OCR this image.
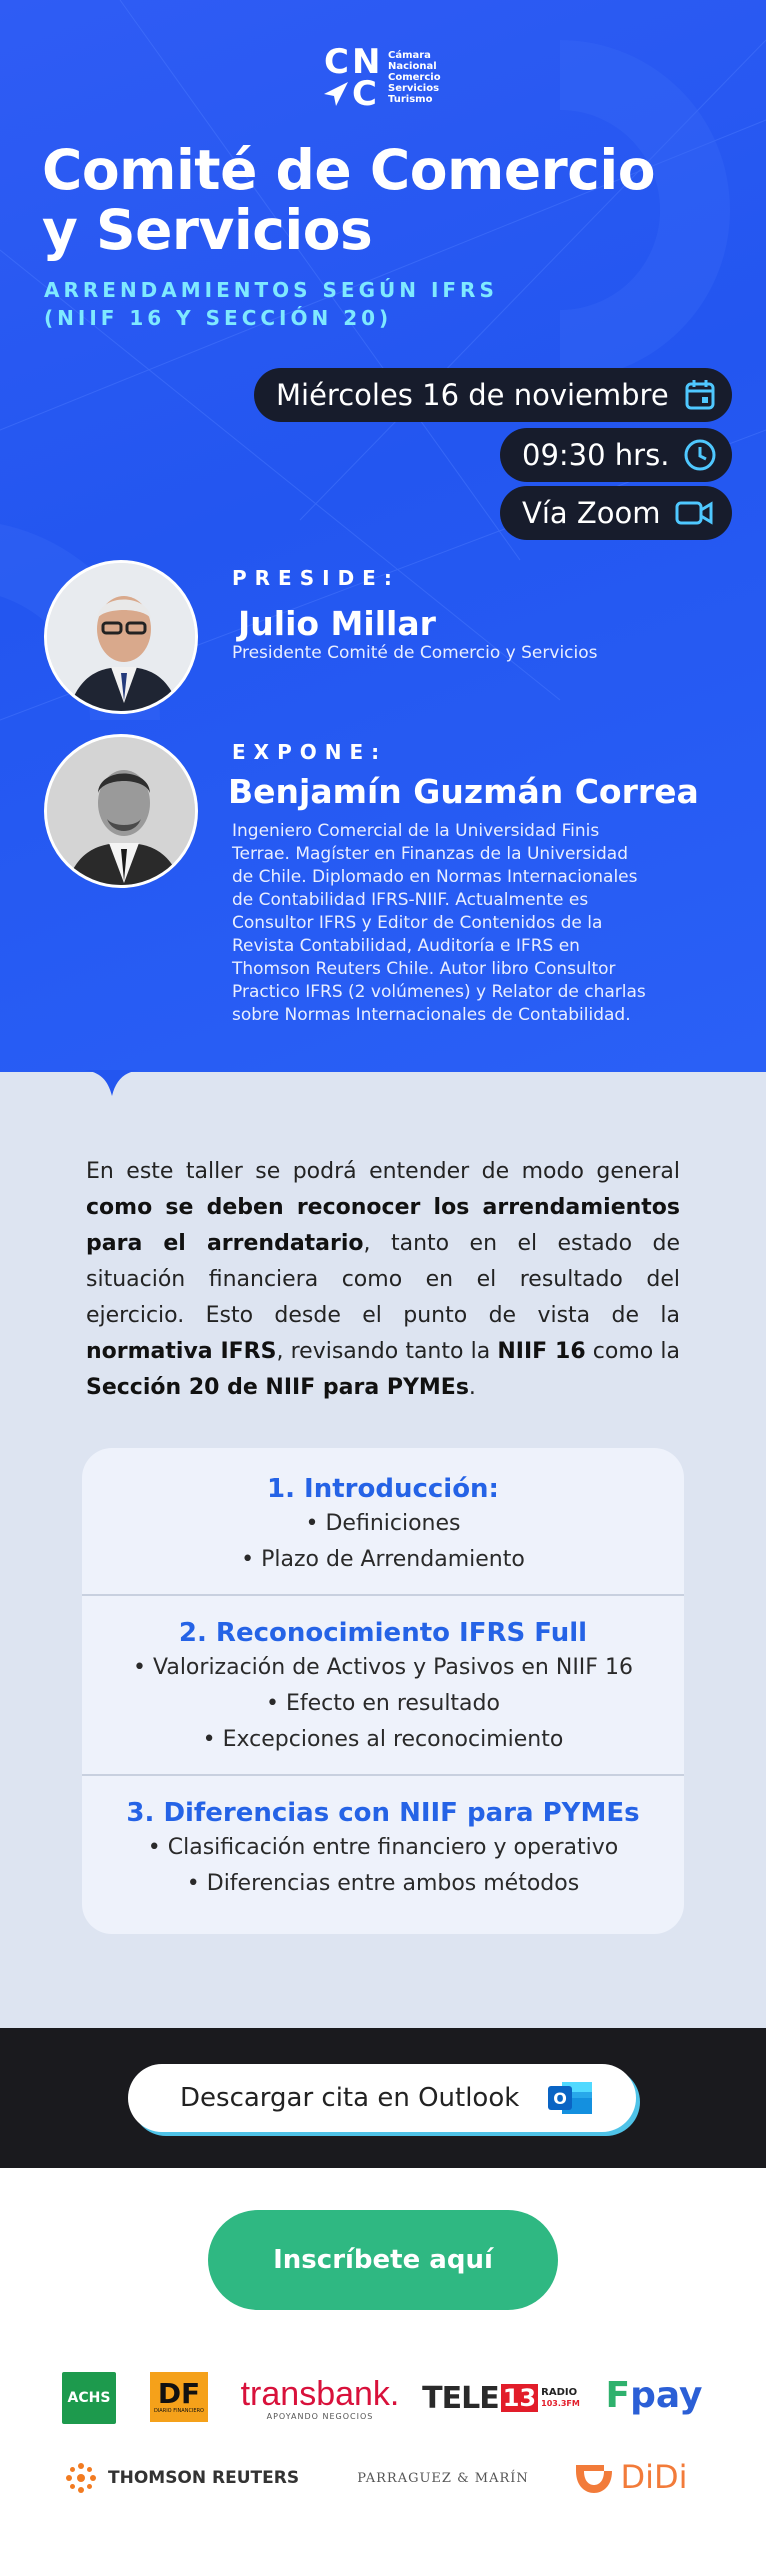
C N
C
Cámara
Nacional
Comercio
Servicios
Turismo
Comité de Comercio
y Servicios
ARRENDAMIENTOS SEGÚN IFRS
(NIIF 16 Y SECCIÓN 20)
Miércoles 16 de noviembre
09:30 hrs.
Vía Zoom
PRESIDE:
Julio Millar
Presidente Comité de Comercio y Servicios
EXPONE:
Benjamín Guzmán Correa
Ingeniero Comercial de la Universidad Finis
Terrae. Magíster en Finanzas de la Universidad
de Chile. Diplomado en Normas Internacionales
de Contabilidad IFRS-NIIF. Actualmente es
Consultor IFRS y Editor de Contenidos de la
Revista Contabilidad, Auditoría e IFRS en
Thomson Reuters Chile. Autor libro Consultor
Practico IFRS (2 volúmenes) y Relator de charlas
sobre Normas Internacionales de Contabilidad.
En este taller se podrá entender de modo general como se deben reconocer los arrendamientos para el arrendatario, tanto en el estado de situación financiera como en el resultado del ejercicio. Esto desde el punto de vista de la normativa IFRS, revisando tanto la NIIF 16 como la Sección 20 de NIIF para PYMEs.
1. Introducción:
• Definiciones
• Plazo de Arrendamiento
2. Reconocimiento IFRS Full
• Valorización de Activos y Pasivos en NIIF 16
• Efecto en resultado
• Excepciones al reconocimiento
3. Diferencias con NIIF para PYMEs
• Clasificación entre financiero y operativo
• Diferencias entre ambos métodos
Descargar cita en Outlook O
Inscríbete aquí
ACHS DF
DIARIO FINANCIERO transbank.
APOYANDO NEGOCIOS
TELE 13 RADIO
103.3FM F pay
THOMSON REUTERS	PARRAGUEZ & MARÍN	DiDi
